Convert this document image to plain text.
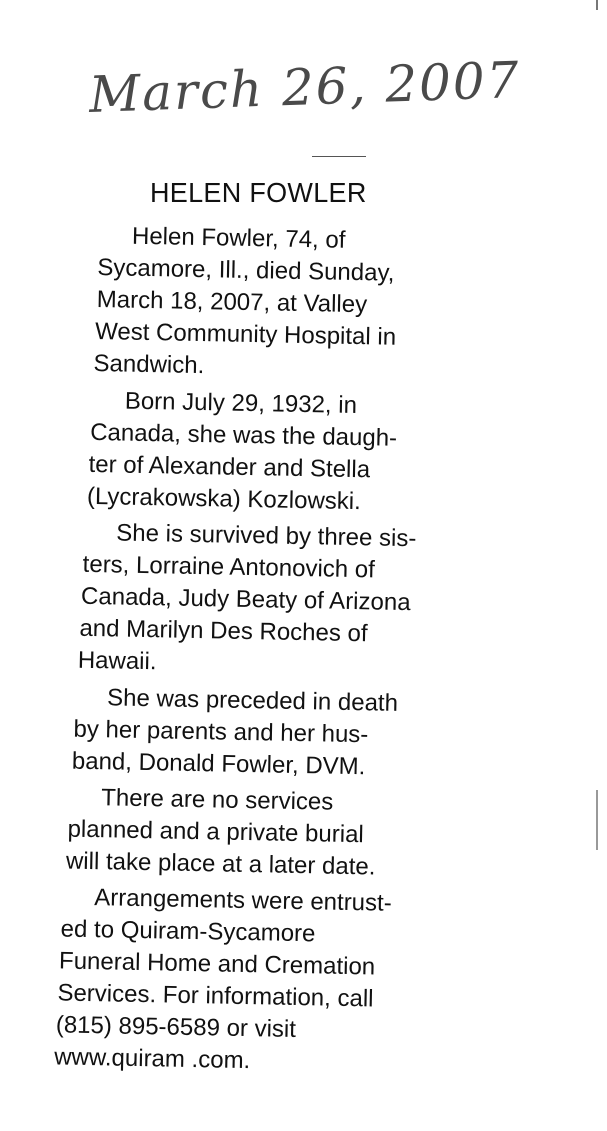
March 26, 2007
HELEN FOWLER
Helen Fowler, 74, of
Sycamore, Ill., died Sunday,
March 18, 2007, at Valley
West Community Hospital in
Sandwich.
Born July 29, 1932, in
Canada, she was the daugh-
ter of Alexander and Stella
(Lycrakowska) Kozlowski.
She is survived by three sis-
ters, Lorraine Antonovich of
Canada, Judy Beaty of Arizona
and Marilyn Des Roches of
Hawaii.
She was preceded in death
by her parents and her hus-
band, Donald Fowler, DVM.
There are no services
planned and a private burial
will take place at a later date.
Arrangements were entrust-
ed to Quiram-Sycamore
Funeral Home and Cremation
Services. For information, call
(815) 895-6589 or visit
www.quiram .com.
